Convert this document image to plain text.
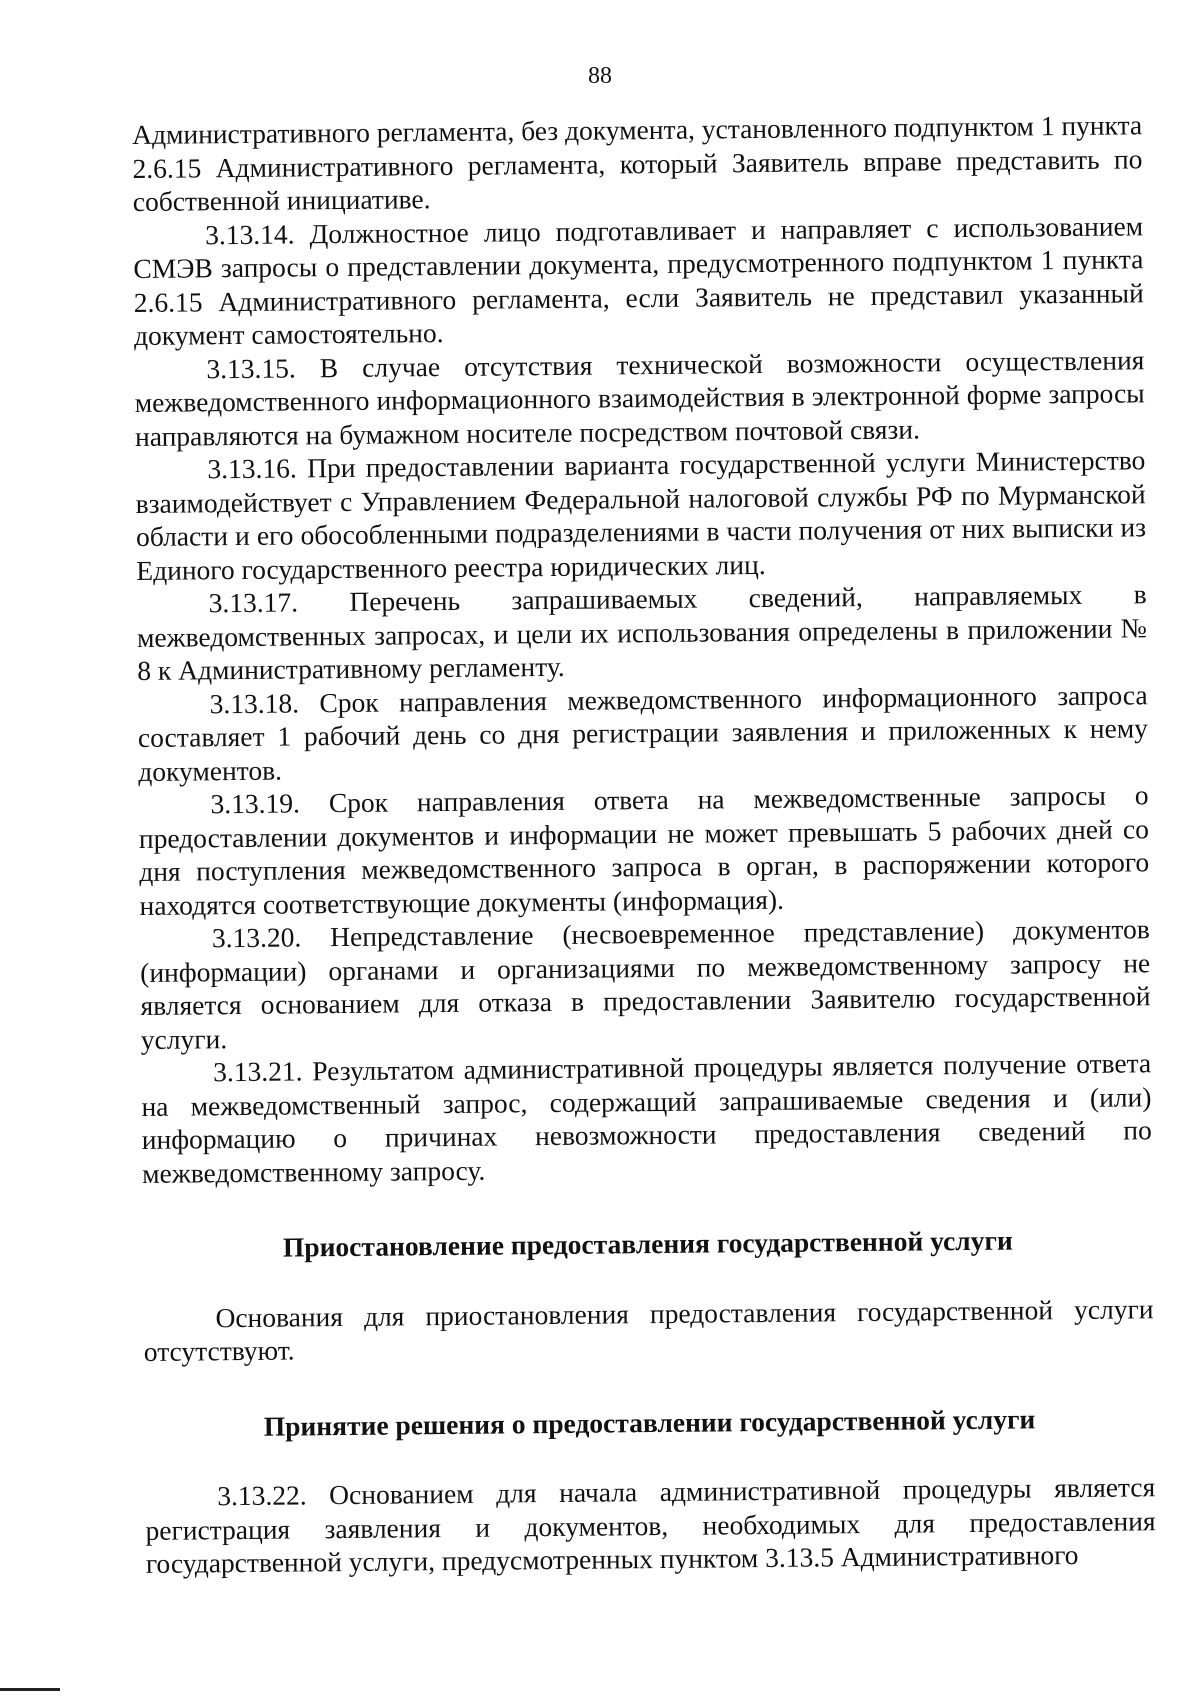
88

Административного регламента, без документа, установленного подпунктом 1 пункта 2.6.15 Административного регламента, который Заявитель вправе представить по собственной инициативе.

3.13.14. Должностное лицо подготавливает и направляет с использованием СМЭВ запросы о представлении документа, предусмотренного подпунктом 1 пункта 2.6.15 Административного регламента, если Заявитель не представил указанный документ самостоятельно.

3.13.15. В случае отсутствия технической возможности осуществления межведомственного информационного взаимодействия в электронной форме запросы направляются на бумажном носителе посредством почтовой связи.

3.13.16. При предоставлении варианта государственной услуги Министерство взаимодействует с Управлением Федеральной налоговой службы РФ по Мурманской области и его обособленными подразделениями в части получения от них выписки из Единого государственного реестра юридических лиц.

3.13.17. Перечень запрашиваемых сведений, направляемых в межведомственных запросах, и цели их использования определены в приложении № 8 к Административному регламенту.

3.13.18. Срок направления межведомственного информационного запроса составляет 1 рабочий день со дня регистрации заявления и приложенных к нему документов.

3.13.19. Срок направления ответа на межведомственные запросы о предоставлении документов и информации не может превышать 5 рабочих дней со дня поступления межведомственного запроса в орган, в распоряжении которого находятся соответствующие документы (информация).

3.13.20. Непредставление (несвоевременное представление) документов (информации) органами и организациями по межведомственному запросу не является основанием для отказа в предоставлении Заявителю государственной услуги.

3.13.21. Результатом административной процедуры является получение ответа на межведомственный запрос, содержащий запрашиваемые сведения и (или) информацию о причинах невозможности предоставления сведений по межведомственному запросу.

Приостановление предоставления государственной услуги

Основания для приостановления предоставления государственной услуги отсутствуют.

Принятие решения о предоставлении государственной услуги

3.13.22. Основанием для начала административной процедуры является регистрация заявления и документов, необходимых для предоставления государственной услуги, предусмотренных пунктом 3.13.5 Административного
